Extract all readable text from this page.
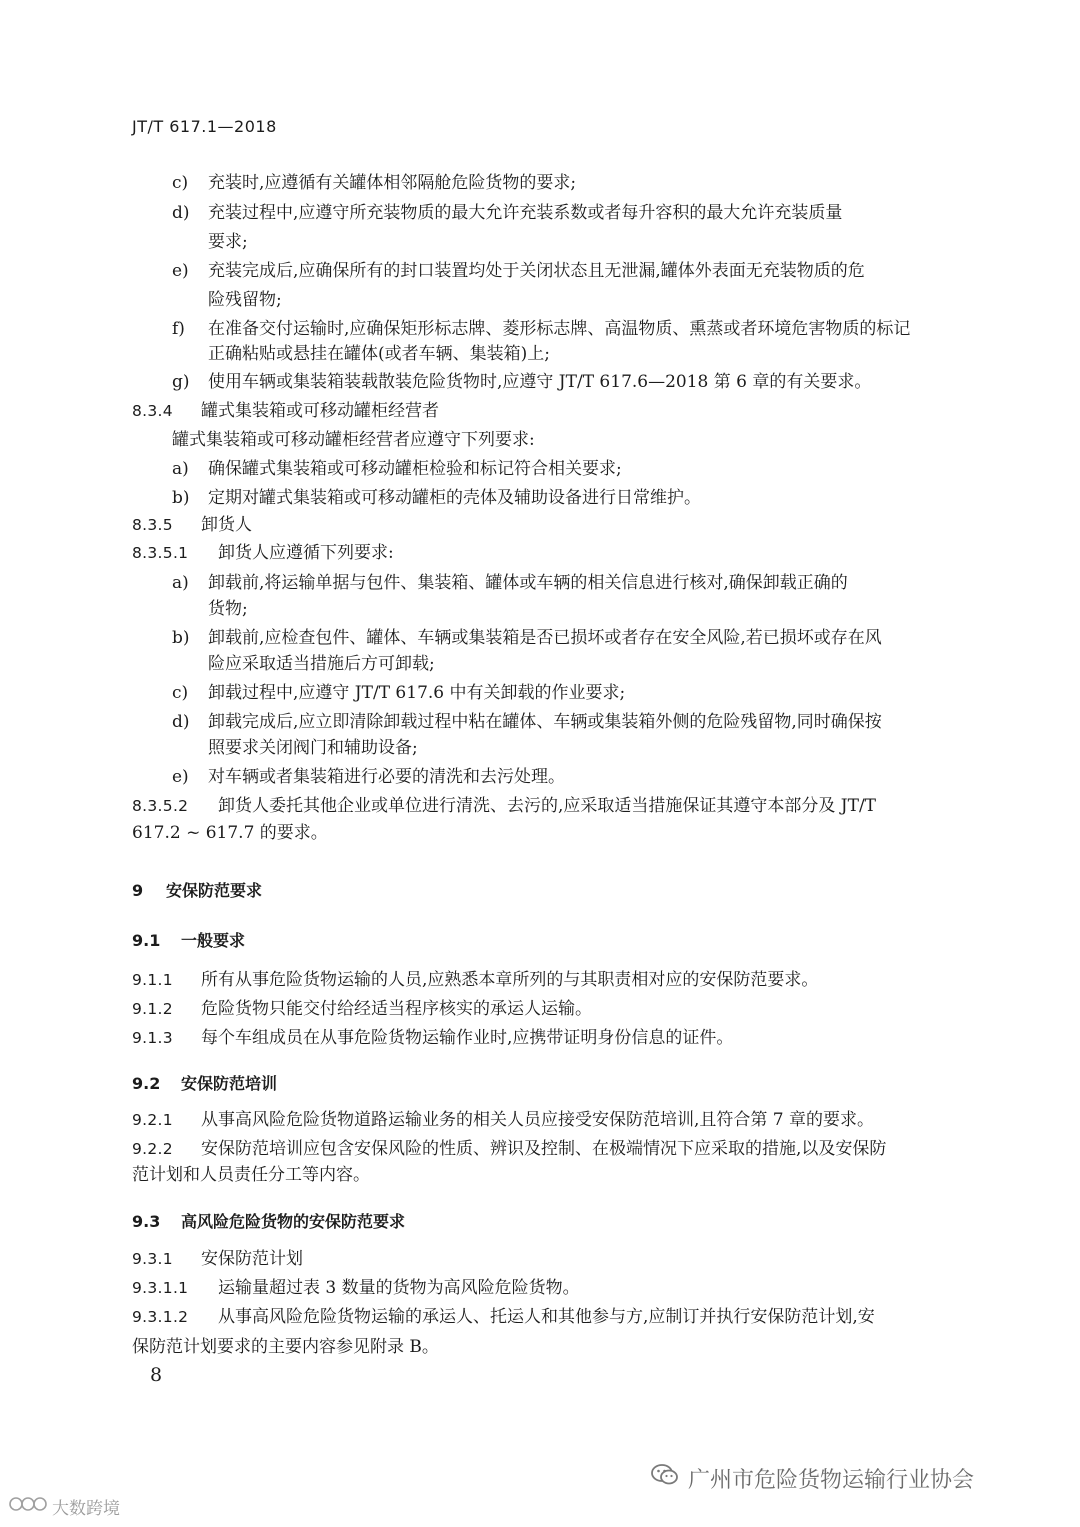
JT/T 617.1—2018
c) 充装时,应遵循有关罐体相邻隔舱危险货物的要求;
d) 充装过程中,应遵守所充装物质的最大允许充装系数或者每升容积的最大允许充装质量
要求;
e) 充装完成后,应确保所有的封口装置均处于关闭状态且无泄漏,罐体外表面无充装物质的危
险残留物;
f) 在准备交付运输时,应确保矩形标志牌、菱形标志牌、高温物质、熏蒸或者环境危害物质的标记
正确粘贴或悬挂在罐体(或者车辆、集装箱)上;
g) 使用车辆或集装箱装载散装危险货物时,应遵守 JT/T 617.6—2018 第 6 章的有关要求。
8.3.4 罐式集装箱或可移动罐柜经营者
罐式集装箱或可移动罐柜经营者应遵守下列要求:
a) 确保罐式集装箱或可移动罐柜检验和标记符合相关要求;
b) 定期对罐式集装箱或可移动罐柜的壳体及辅助设备进行日常维护。
8.3.5 卸货人
8.3.5.1 卸货人应遵循下列要求:
a) 卸载前,将运输单据与包件、集装箱、罐体或车辆的相关信息进行核对,确保卸载正确的
货物;
b) 卸载前,应检查包件、罐体、车辆或集装箱是否已损坏或者存在安全风险,若已损坏或存在风
险应采取适当措施后方可卸载;
c) 卸载过程中,应遵守 JT/T 617.6 中有关卸载的作业要求;
d) 卸载完成后,应立即清除卸载过程中粘在罐体、车辆或集装箱外侧的危险残留物,同时确保按
照要求关闭阀门和辅助设备;
e) 对车辆或者集装箱进行必要的清洗和去污处理。
8.3.5.2 卸货人委托其他企业或单位进行清洗、去污的,应采取适当措施保证其遵守本部分及 JT/T
617.2 ~ 617.7 的要求。
9 安保防范要求
9.1 一般要求
9.1.1 所有从事危险货物运输的人员,应熟悉本章所列的与其职责相对应的安保防范要求。
9.1.2 危险货物只能交付给经适当程序核实的承运人运输。
9.1.3 每个车组成员在从事危险货物运输作业时,应携带证明身份信息的证件。
9.2 安保防范培训
9.2.1 从事高风险危险货物道路运输业务的相关人员应接受安保防范培训,且符合第 7 章的要求。
9.2.2 安保防范培训应包含安保风险的性质、辨识及控制、在极端情况下应采取的措施,以及安保防
范计划和人员责任分工等内容。
9.3 高风险危险货物的安保防范要求
9.3.1 安保防范计划
9.3.1.1 运输量超过表 3 数量的货物为高风险危险货物。
9.3.1.2 从事高风险危险货物运输的承运人、托运人和其他参与方,应制订并执行安保防范计划,安
保防范计划要求的主要内容参见附录 B。
8
广州市危险货物运输行业协会
大数跨境
